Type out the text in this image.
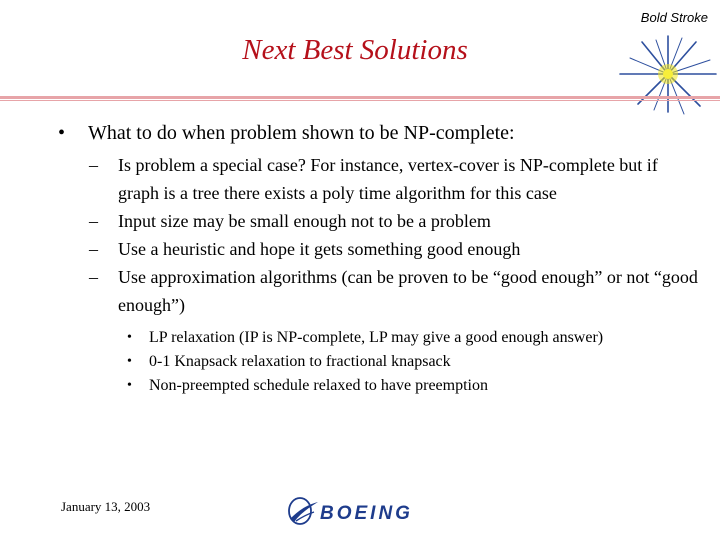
Bold Stroke
Next Best Solutions
• What to do when problem shown to be NP-complete:
– Is problem a special case? For instance, vertex-cover is NP-complete but if graph is a tree there exists a poly time algorithm for this case
– Input size may be small enough not to be a problem
– Use a heuristic and hope it gets something good enough
– Use approximation algorithms (can be proven to be “good enough” or not “good enough”)
• LP relaxation (IP is NP-complete, LP may give a good enough answer)
• 0-1 Knapsack relaxation to fractional knapsack
• Non-preempted schedule relaxed to have preemption
January 13, 2003	BOEING
